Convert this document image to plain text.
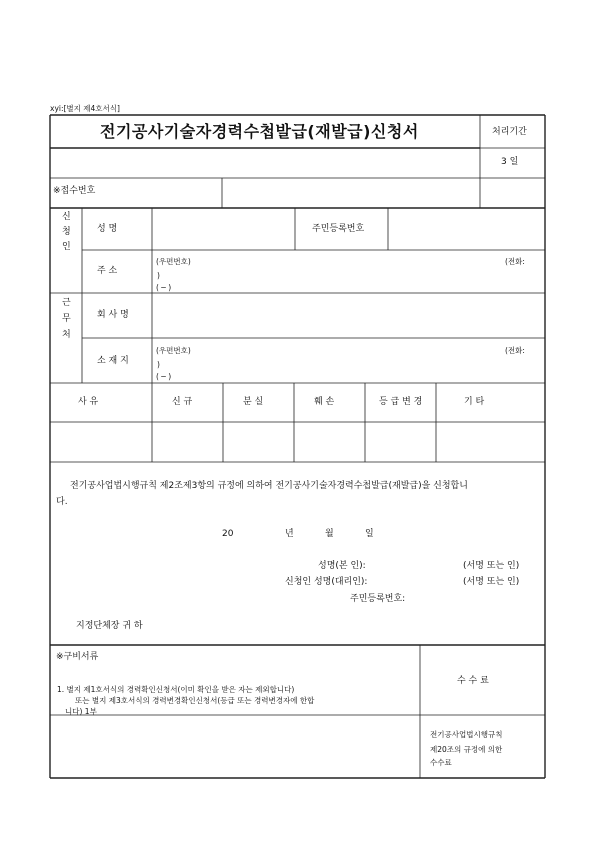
xyi:[별지 제4호서식]
전기공사기술자경력수첩발급(재발급)신청서	처리기간
3 일
※접수번호
신
청
인
성 명	주민등록번호
주 소
(우편번호)	(전화:
)
( ─ )
근
무
처
회 사 명
소 재 지
(우편번호)	(전화:
)
( ─ )
사 유	신 규	분 실	훼 손	등 급 변 경	기 타
전기공사업법시행규칙 제2조제3항의 규정에 의하여 전기공사기술자경력수첩발급(재발급)을 신청합니
다.
20	년	월	일
성명(본 인):	(서명 또는 인)
신청인 성명(대리인):	(서명 또는 인)
주민등록번호:
지정단체장 귀 하
※구비서류
1. 별지 제1호서식의 경력확인신청서(이미 확인을 받은 자는 제외합니다)
또는 별지 제3호서식의 경력변경확인신청서(등급 또는 경력변경자에 한합
니다) 1부
수 수 료
전기공사업법시행규칙
제20조의 규정에 의한
수수료
